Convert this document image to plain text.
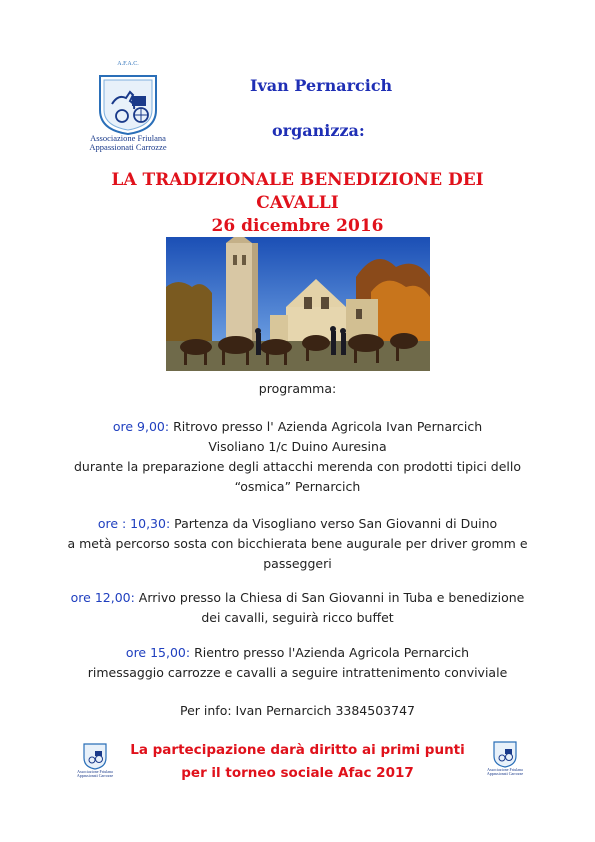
A.F.A.C.
Associazione Friulana
Appassionati Carrozze
Ivan Pernarcich
organizza:
LA TRADIZIONALE BENEDIZIONE DEI
CAVALLI
26 dicembre 2016
programma:
ore 9,00: Ritrovo presso l' Azienda Agricola Ivan Pernarcich
Visoliano 1/c Duino Auresina
durante la preparazione degli attacchi merenda con prodotti tipici dello
“osmica” Pernarcich
ore : 10,30: Partenza da Visogliano verso San Giovanni di Duino
a metà percorso sosta con bicchierata bene augurale per driver gromm e
passeggeri
ore 12,00: Arrivo presso la Chiesa di San Giovanni in Tuba e benedizione
dei cavalli, seguirà ricco buffet
ore 15,00: Rientro presso l'Azienda Agricola Pernarcich
rimessaggio carrozze e cavalli a seguire intrattenimento conviviale
Per info: Ivan Pernarcich 3384503747
Associazione Friulana
Appassionati Carrozze
Associazione Friulana
Appassionati Carrozze
La partecipazione darà diritto ai primi punti
per il torneo sociale Afac 2017
